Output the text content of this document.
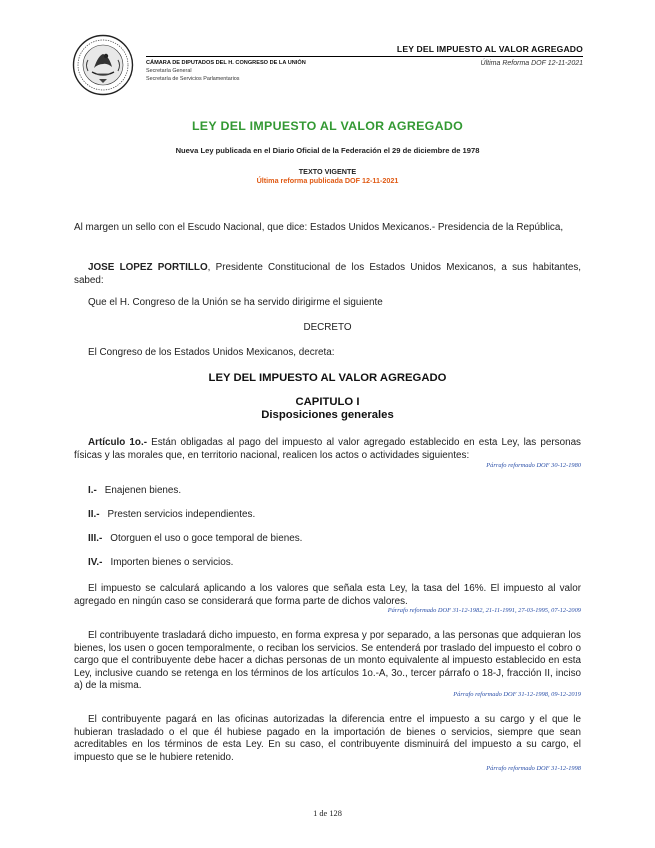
LEY DEL IMPUESTO AL VALOR AGREGADO
Última Reforma DOF 12-11-2021
CÁMARA DE DIPUTADOS DEL H. CONGRESO DE LA UNIÓN
Secretaría General
Secretaría de Servicios Parlamentarios
LEY DEL IMPUESTO AL VALOR AGREGADO
Nueva Ley publicada en el Diario Oficial de la Federación el 29 de diciembre de 1978
TEXTO VIGENTE
Última reforma publicada DOF 12-11-2021
Al margen un sello con el Escudo Nacional, que dice: Estados Unidos Mexicanos.- Presidencia de la República,
JOSE LOPEZ PORTILLO, Presidente Constitucional de los Estados Unidos Mexicanos, a sus habitantes, sabed:
Que el H. Congreso de la Unión se ha servido dirigirme el siguiente
DECRETO
El Congreso de los Estados Unidos Mexicanos, decreta:
LEY DEL IMPUESTO AL VALOR AGREGADO
CAPITULO I
Disposiciones generales
Artículo 1o.- Están obligadas al pago del impuesto al valor agregado establecido en esta Ley, las personas físicas y las morales que, en territorio nacional, realicen los actos o actividades siguientes:
Párrafo reformado DOF 30-12-1980
I.- Enajenen bienes.
II.- Presten servicios independientes.
III.- Otorguen el uso o goce temporal de bienes.
IV.- Importen bienes o servicios.
El impuesto se calculará aplicando a los valores que señala esta Ley, la tasa del 16%. El impuesto al valor agregado en ningún caso se considerará que forma parte de dichos valores.
Párrafo reformado DOF 31-12-1982, 21-11-1991, 27-03-1995, 07-12-2009
El contribuyente trasladará dicho impuesto, en forma expresa y por separado, a las personas que adquieran los bienes, los usen o gocen temporalmente, o reciban los servicios. Se entenderá por traslado del impuesto el cobro o cargo que el contribuyente debe hacer a dichas personas de un monto equivalente al impuesto establecido en esta Ley, inclusive cuando se retenga en los términos de los artículos 1o.-A, 3o., tercer párrafo o 18-J, fracción II, inciso a) de la misma.
Párrafo reformado DOF 31-12-1998, 09-12-2019
El contribuyente pagará en las oficinas autorizadas la diferencia entre el impuesto a su cargo y el que le hubieran trasladado o el que él hubiese pagado en la importación de bienes o servicios, siempre que sean acreditables en los términos de esta Ley. En su caso, el contribuyente disminuirá del impuesto a su cargo, el impuesto que se le hubiere retenido.
Párrafo reformado DOF 31-12-1998
1 de 128
